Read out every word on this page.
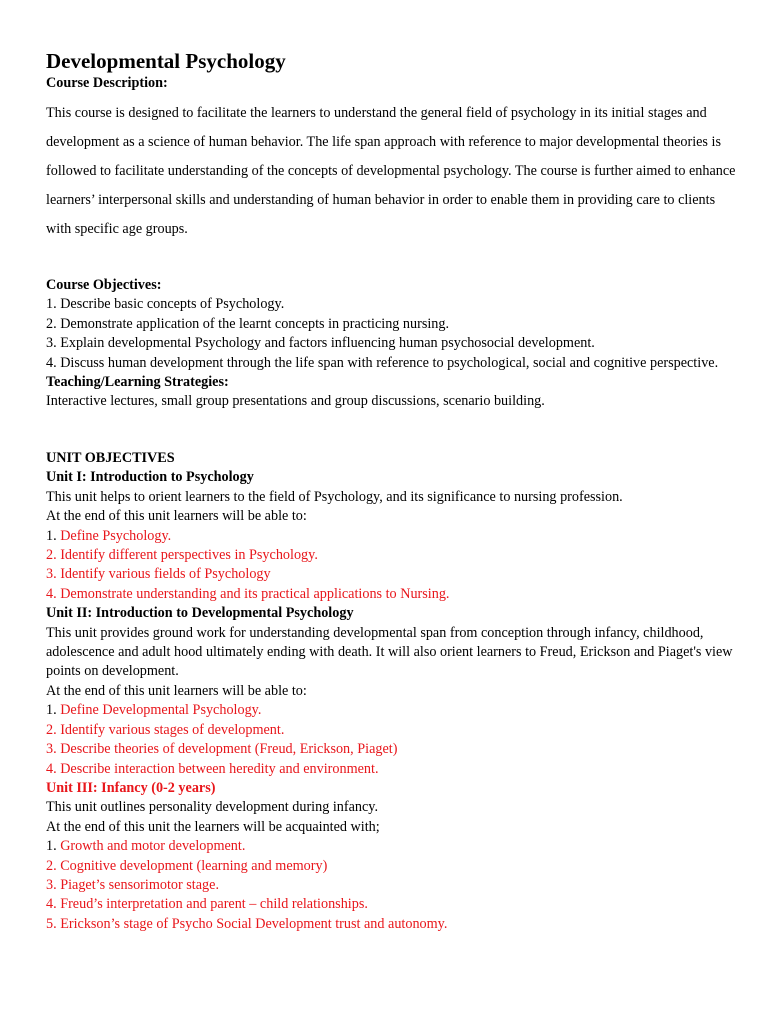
Developmental Psychology
Course Description:
This course is designed to facilitate the learners to understand the general field of psychology in its initial stages and development as a science of human behavior. The life span approach with reference to major developmental theories is followed to facilitate understanding of the concepts of developmental psychology. The course is further aimed to enhance learners’ interpersonal skills and understanding of human behavior in order to enable them in providing care to clients with specific age groups.
Course Objectives:
1. Describe basic concepts of Psychology.
2. Demonstrate application of the learnt concepts in practicing nursing.
3. Explain developmental Psychology and factors influencing human psychosocial development.
4. Discuss human development through the life span with reference to psychological, social and cognitive perspective.
Teaching/Learning Strategies:
Interactive lectures, small group presentations and group discussions, scenario building.
UNIT OBJECTIVES
Unit I: Introduction to Psychology
This unit helps to orient learners to the field of Psychology, and its significance to nursing profession.
At the end of this unit learners will be able to:
1. Define Psychology.
2. Identify different perspectives in Psychology.
3. Identify various fields of Psychology
4. Demonstrate understanding and its practical applications to Nursing.
Unit II: Introduction to Developmental Psychology
This unit provides ground work for understanding developmental span from conception through infancy, childhood, adolescence and adult hood ultimately ending with death. It will also orient learners to Freud, Erickson and Piaget's view points on development.
At the end of this unit learners will be able to:
1. Define Developmental Psychology.
2. Identify various stages of development.
3. Describe theories of development (Freud, Erickson, Piaget)
4. Describe interaction between heredity and environment.
Unit III: Infancy (0-2 years)
This unit outlines personality development during infancy.
At the end of this unit the learners will be acquainted with;
1. Growth and motor development.
2. Cognitive development (learning and memory)
3. Piaget’s sensorimotor stage.
4. Freud’s interpretation and parent – child relationships.
5. Erickson’s stage of Psycho Social Development trust and autonomy.
